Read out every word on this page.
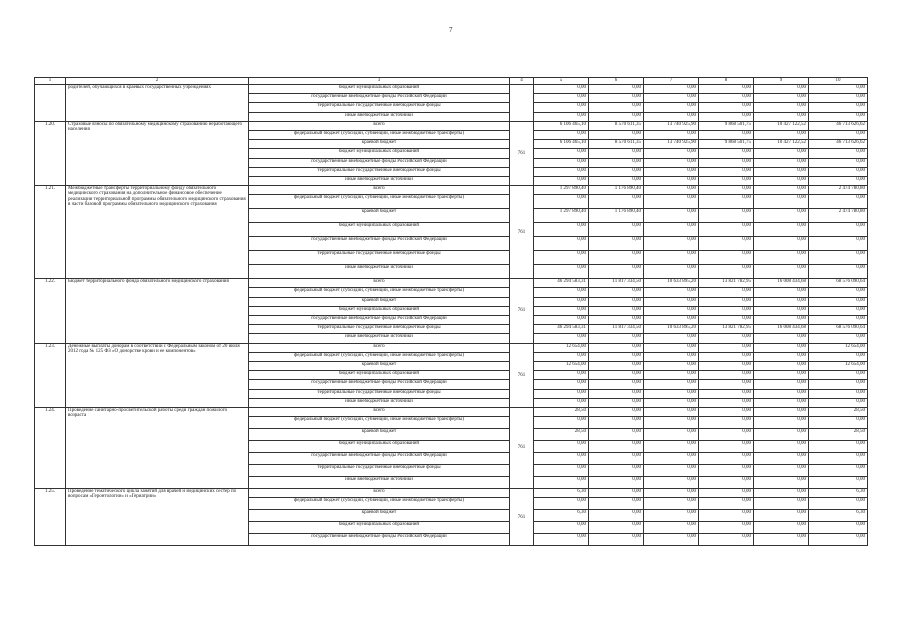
7
1	2	3	4	5	6	7	8	9	10
	родителей, обучающихся в краевых государственных учреждениях	бюджет муниципальных образований		0,00	0,00	0,00	0,00	0,00	0,00
		государственные внебюджетные фонды Российской Федерации		0,00	0,00	0,00	0,00	0,00	0,00
		территориальные государственные внебюджетные фонды		0,00	0,00	0,00	0,00	0,00	0,00
		иные внебюджетные источники		0,00	0,00	0,00	0,00	0,00	0,00
1.20.	Страховые взносы по обязательному медицинскому страхованию неработающего населения	всего	761	6 106 465,10	8 570 611,35	13 740 925,90	9 868 501,75	10 427 122,52	46 713 626,62
		федеральный бюджет (субсидии, субвенции, иные межбюджетные трансферты)		0,00	0,00	0,00	0,00	0,00	0,00
		краевой бюджет		6 106 465,10	8 570 611,35	13 740 925,90	9 868 501,75	10 427 122,52	46 713 626,62
		бюджет муниципальных образований		0,00	0,00	0,00	0,00	0,00	0,00
		государственные внебюджетные фонды Российской Федерации		0,00	0,00	0,00	0,00	0,00	0,00
		территориальные государственные внебюджетные фонды		0,00	0,00	0,00	0,00	0,00	0,00
		иные внебюджетные источники		0,00	0,00	0,00	0,00	0,00	0,00
1.21.	Межбюджетные трансферты территориальному фонду обязательного медицинского страхования на дополнительное финансовое обеспечение реализации территориальной программы обязательного медицинского страхования в части базовой программы обязательного медицинского страхования	всего	761	1 297 890,40	1 176 890,40	0,00	0,00	0,00	2 474 780,80
		федеральный бюджет (субсидии, субвенции, иные межбюджетные трансферты)		0,00	0,00	0,00	0,00	0,00	0,00
		краевой бюджет		1 297 890,40	1 176 890,40	0,00	0,00	0,00	2 474 780,80
		бюджет муниципальных образований		0,00	0,00	0,00	0,00	0,00	0,00
		государственные внебюджетные фонды Российской Федерации		0,00	0,00	0,00	0,00	0,00	0,00
		территориальные государственные внебюджетные фонды		0,00	0,00	0,00	0,00	0,00	0,00
		иные внебюджетные источники		0,00	0,00	0,00	0,00	0,00	0,00
1.22.	Бюджет территориального фонда обязательного медицинского страхования	всего	761	46 294 583,31	11 817 334,50	10 633 895,20	13 821 782,95	16 008 434,68	68 576 090,64
		федеральный бюджет (субсидии, субвенции, иные межбюджетные трансферты)		0,00	0,00	0,00	0,00	0,00	0,00
		краевой бюджет		0,00	0,00	0,00	0,00	0,00	0,00
		бюджет муниципальных образований		0,00	0,00	0,00	0,00	0,00	0,00
		государственные внебюджетные фонды Российской Федерации		0,00	0,00	0,00	0,00	0,00	0,00
		территориальные государственные внебюджетные фонды		46 294 583,31	11 817 334,50	10 633 895,20	13 821 782,95	16 008 434,68	68 576 090,64
		иные внебюджетные источники		0,00	0,00	0,00	0,00	0,00	0,00
1.23.	Денежные выплаты донорам в соответствии с Федеральным законом от 20 июля 2012 года № 125 ФЗ «О донорстве крови и ее компонентов»	всего	761	12 654,00	0,00	0,00	0,00	0,00	12 654,00
		федеральный бюджет (субсидии, субвенции, иные межбюджетные трансферты)		0,00	0,00	0,00	0,00	0,00	0,00
		краевой бюджет		12 654,00	0,00	0,00	0,00	0,00	12 654,00
		бюджет муниципальных образований		0,00	0,00	0,00	0,00	0,00	0,00
		государственные внебюджетные фонды Российской Федерации		0,00	0,00	0,00	0,00	0,00	0,00
		территориальные государственные внебюджетные фонды		0,00	0,00	0,00	0,00	0,00	0,00
		иные внебюджетные источники		0,00	0,00	0,00	0,00	0,00	0,00
1.24.	Проведение санитарно-просветительской работы среди граждан пожилого возраста	всего	761	28,50	0,00	0,00	0,00	0,00	28,50
		федеральный бюджет (субсидии, субвенции, иные межбюджетные трансферты)		0,00	0,00	0,00	0,00	0,00	0,00
		краевой бюджет		28,50	0,00	0,00	0,00	0,00	28,50
		бюджет муниципальных образований		0,00	0,00	0,00	0,00	0,00	0,00
		государственные внебюджетные фонды Российской Федерации		0,00	0,00	0,00	0,00	0,00	0,00
		территориальные государственные внебюджетные фонды		0,00	0,00	0,00	0,00	0,00	0,00
		иные внебюджетные источники		0,00	0,00	0,00	0,00	0,00	0,00
1.25.	Проведение тематического цикла занятий для врачей и медицинских сестер по вопросам «Геронтологии» и «Гериатрии»	всего	761	6,30	0,00	0,00	0,00	0,00	6,30
		федеральный бюджет (субсидии, субвенции, иные межбюджетные трансферты)		0,00	0,00	0,00	0,00	0,00	0,00
		краевой бюджет		6,30	0,00	0,00	0,00	0,00	6,30
		бюджет муниципальных образований		0,00	0,00	0,00	0,00	0,00	0,00
		государственные внебюджетные фонды Российской Федерации		0,00	0,00	0,00	0,00	0,00	0,00
